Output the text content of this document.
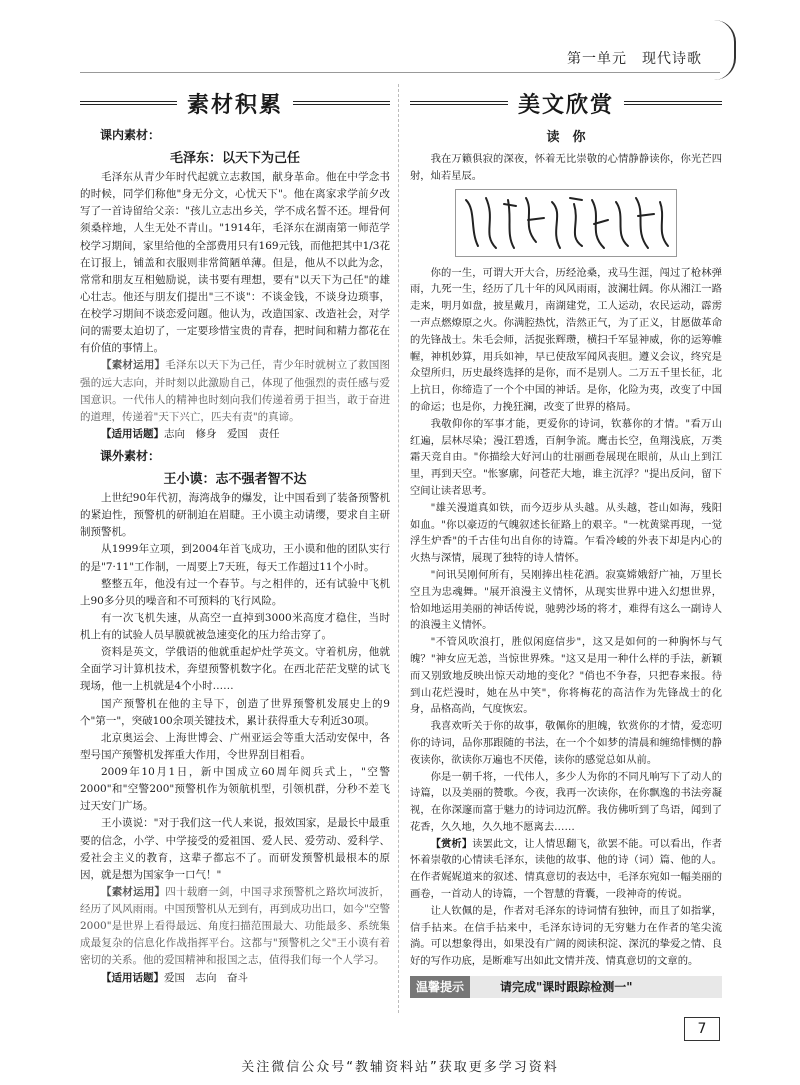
第一单元　现代诗歌
素材积累
课内素材：
毛泽东：以天下为己任

毛泽东从青少年时代起就立志救国，献身革命。他在中学念书的时候，同学们称他"身无分文，心忧天下"。他在离家求学前夕改写了一首诗留给父亲："孩儿立志出乡关，学不成名誓不还。埋骨何须桑梓地，人生无处不青山。"1914年，毛泽东在湖南第一师范学校学习期间，家里给他的全部费用只有169元钱，而他把其中1/3花在订报上，铺盖和衣服则非常简陋单薄。但是，他从不以此为念，常常和朋友互相勉励说，读书要有理想，要有"以天下为己任"的雄心壮志。他还与朋友们提出"三不谈"：不谈金钱，不谈身边琐事，在校学习期间不谈恋爱问题。他认为，改造国家、改造社会，对学问的需要太迫切了，一定要珍惜宝贵的青春，把时间和精力都花在有价值的事情上。

【素材运用】毛泽东以天下为己任，青少年时就树立了救国图强的远大志向，并时刻以此激励自己，体现了他强烈的责任感与爱国意识。一代伟人的精神也时刻向我们传递着勇于担当，敢于奋进的道理，传递着"天下兴亡，匹夫有责"的真谛。

【适用话题】志向　修身　爱国　责任

课外素材：
王小谟：志不强者智不达

上世纪90年代初，海湾战争的爆发，让中国看到了装备预警机的紧迫性，预警机的研制迫在眉睫。王小谟主动请缨，要求自主研制预警机。

从1999年立项，到2004年首飞成功，王小谟和他的团队实行的是"7·11"工作制，一周要上7天班，每天工作超过11个小时。

整整五年，他没有过一个春节。与之相伴的，还有试验中飞机上90多分贝的噪音和不可预料的飞行风险。

有一次飞机失速，从高空一直掉到3000米高度才稳住，当时机上有的试验人员早膜就被急速变化的压力给击穿了。

资料是英文，学俄语的他就重起炉灶学英文。守着机房，他就全面学习计算机技术，奔望预警机数字化。在西北茫茫戈壁的试飞现场，他一上机就是4个小时……

国产预警机在他的主导下，创造了世界预警机发展史上的9个"第一"，突破100余项关键技术，累计获得重大专利近30项。

北京奥运会、上海世博会、广州亚运会等重大活动安保中，各型号国产预警机发挥重大作用，令世界刮目相看。

2009年10月1日，新中国成立60周年阅兵式上，"空警2000"和"空警200"预警机作为领航机型，引领机群，分秒不差飞过天安门广场。

王小谟说："对于我们这一代人来说，报效国家，是最长中最重要的信念，小学、中学接受的爱祖国、爱人民、爱劳动、爱科学、爱社会主义的教育，这辈子都忘不了。而研发预警机最根本的原因，就是想为国家争一口气！"

【素材运用】四十载磨一剑，中国寻求预警机之路坎坷波折，经历了风风雨雨。中国预警机从无到有，再到成功出口，如今"空警2000"是世界上看得最远、角度扫描范围最大、功能最多、系统集成最复杂的信息化作战指挥平台。这都与"预警机之父"王小谟有着密切的关系。他的爱国精神和报国之志，值得我们每一个人学习。

【适用话题】爱国　志向　奋斗

美文欣赏
读　你

我在万籁俱寂的深夜，怀着无比崇敬的心情静静读你，你光芒四射，灿若星辰。

你的一生，可谓大开大合，历经沧桑，戎马生涯，闯过了枪林弹雨，九死一生，经历了几十年的风风雨雨，波澜壮阔。你从湘江一路走来，明月如盘，披星戴月，南湖建党，工人运动，农民运动，霹雳一声点燃燎原之火。你满腔热忱，浩然正气，为了正义，甘愿做革命的先锋战士。朱毛会师，活捉张辉瓒，横扫千军显神威，你的运筹帷幄，神机妙算，用兵如神，早已使敌军闻风丧胆。遵义会议，终究是众望所归，历史最终选择的是你，而不是别人。二万五千里长征，北上抗日，你缔造了一个个中国的神话。是你，化险为夷，改变了中国的命运；也是你，力挽狂澜，改变了世界的格局。

我敬仰你的军事才能，更爱你的诗词，钦慕你的才情。"看万山红遍，层林尽染；漫江碧透，百舸争流。鹰击长空，鱼翔浅底，万类霜天竞自由。"你描绘大好河山的壮丽画卷展现在眼前，从山上到江里，再到天空。"怅寥廓，问苍茫大地，谁主沉浮？"提出反问，留下空间让读者思考。

"雄关漫道真如铁，而今迈步从头越。从头越，苍山如海，残阳如血。"你以豪迈的气魄叙述长征路上的艰辛。"一枕黄粱再现，一觉浮生炉香"的千古佳句出自你的诗篇。乍看冷峻的外表下却是内心的火热与深情，展现了独特的诗人情怀。

"问讯吴刚何所有，吴刚捧出桂花酒。寂寞嫦娥舒广袖，万里长空且为忠魂舞。"展开浪漫主义情怀，从现实世界中进入幻想世界，恰如地运用美丽的神话传说，驰骋沙场的将才，难得有这么一副诗人的浪漫主义情怀。

"不管风吹浪打，胜似闲庭信步"，这又是如何的一种胸怀与气魄？"神女应无恙，当惊世界殊。"这又是用一种什么样的手法，新颖而又别致地反映出惊天动地的变化？"俏也不争春，只把春来报。待到山花烂漫时，她在丛中笑"，你将梅花的高洁作为先锋战士的化身，品格高尚，气度恢宏。

我喜欢听关于你的故事，敬佩你的胆魄，钦赏你的才情，爱恋叨你的诗词，品你那跟随的书法，在一个个如梦的清晨和缠绵悱恻的静夜读你，欲读你万遍也不厌倦，读你的感觉总如从前。

你是一朝千将，一代伟人，多少人为你的不同凡响写下了动人的诗篇，以及美丽的赞歌。今夜，我再一次读你，在你飘逸的书法旁凝视，在你深邃而富于魅力的诗词边沉醉。我仿佛听到了鸟语，闻到了花香，久久地，久久地不愿离去……

【赏析】读罢此文，让人情思翻飞，欲罢不能。可以看出，作者怀着崇敬的心情读毛泽东，读他的故事、他的诗（词）篇、他的人。在作者娓娓道来的叙述、情真意切的表达中，毛泽东宛如一幅美丽的画卷，一首动人的诗篇，一个智慧的背囊，一段神奇的传说。

让人钦佩的是，作者对毛泽东的诗词情有独钟，而且了如指掌，信手拈来。在信手拈来中，毛泽东诗词的无穷魅力在作者的笔尖流淌。可以想象得出，如果没有广阔的阅读积淀、深沉的挚爱之情、良好的写作功底，是断难写出如此文情并茂、情真意切的文章的。

温馨提示	请完成"课时跟踪检测一"
7
关注微信公众号“教辅资料站”获取更多学习资料
